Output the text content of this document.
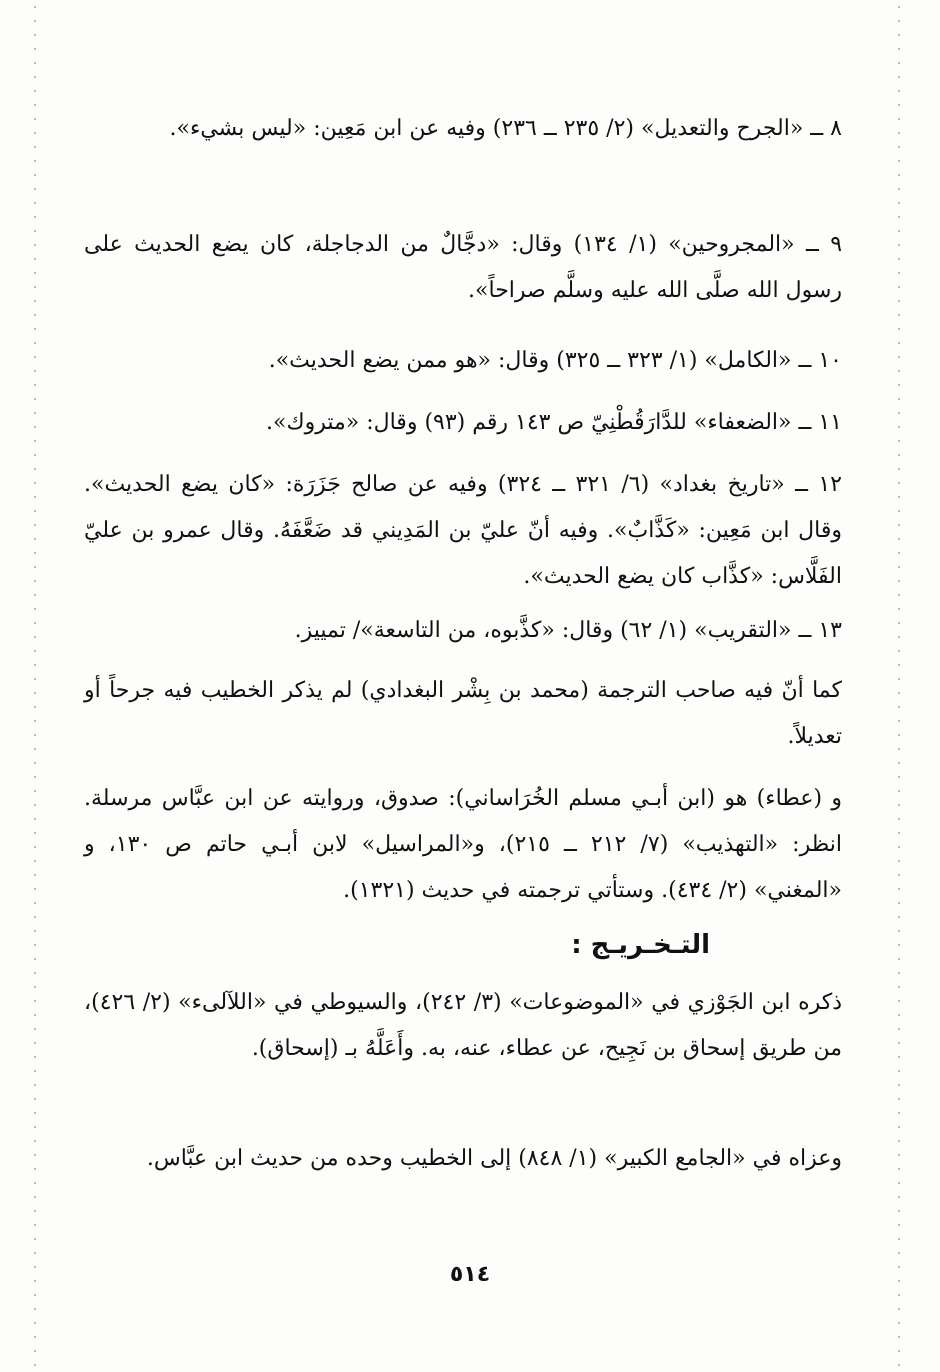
٨ ــ «الجرح والتعديل» (٢/ ٢٣٥ ــ ٢٣٦) وفيه عن ابن مَعِين: «ليس بشيء».
٩ ــ «المجروحين» (١/ ١٣٤) وقال: «دجَّالٌ من الدجاجلة، كان يضع الحديث على رسول الله صلَّى الله عليه وسلَّم صراحاً».
١٠ ــ «الكامل» (١/ ٣٢٣ ــ ٣٢٥) وقال: «هو ممن يضع الحديث».
١١ ــ «الضعفاء» للدَّارَقُطْنِيّ ص ١٤٣ رقم (٩٣) وقال: «متروك».
١٢ ــ «تاريخ بغداد» (٦/ ٣٢١ ــ ٣٢٤) وفيه عن صالح جَزَرَة: «كان يضع الحديث». وقال ابن مَعِين: «كَذَّابٌ». وفيه أنّ عليّ بن المَدِيني قد ضَعَّفَهُ. وقال عمرو بن عليّ الفَلَّاس: «كذَّاب كان يضع الحديث».
١٣ ــ «التقريب» (١/ ٦٢) وقال: «كذَّبوه، من التاسعة»/ تمييز.
كما أنّ فيه صاحب الترجمة (محمد بن بِشْر البغدادي) لم يذكر الخطيب فيه جرحاً أو تعديلاً.
و (عطاء) هو (ابن أبـي مسلم الخُرَاساني): صدوق، وروايته عن ابن عبَّاس مرسلة. انظر: «التهذيب» (٧/ ٢١٢ ــ ٢١٥)، و«المراسيل» لابن أبـي حاتم ص ١٣٠، و «المغني» (٢/ ٤٣٤). وستأتي ترجمته في حديث (١٣٢١).
التـخـريـج :
ذكره ابن الجَوْزي في «الموضوعات» (٣/ ٢٤٢)، والسيوطي في «اللآلىء» (٢/ ٤٢٦)، من طريق إسحاق بن نَجِيح، عن عطاء، عنه، به. وأَعَلَّهُ بـ (إسحاق).
وعزاه في «الجامع الكبير» (١/ ٨٤٨) إلى الخطيب وحده من حديث ابن عبَّاس.
٥١٤
